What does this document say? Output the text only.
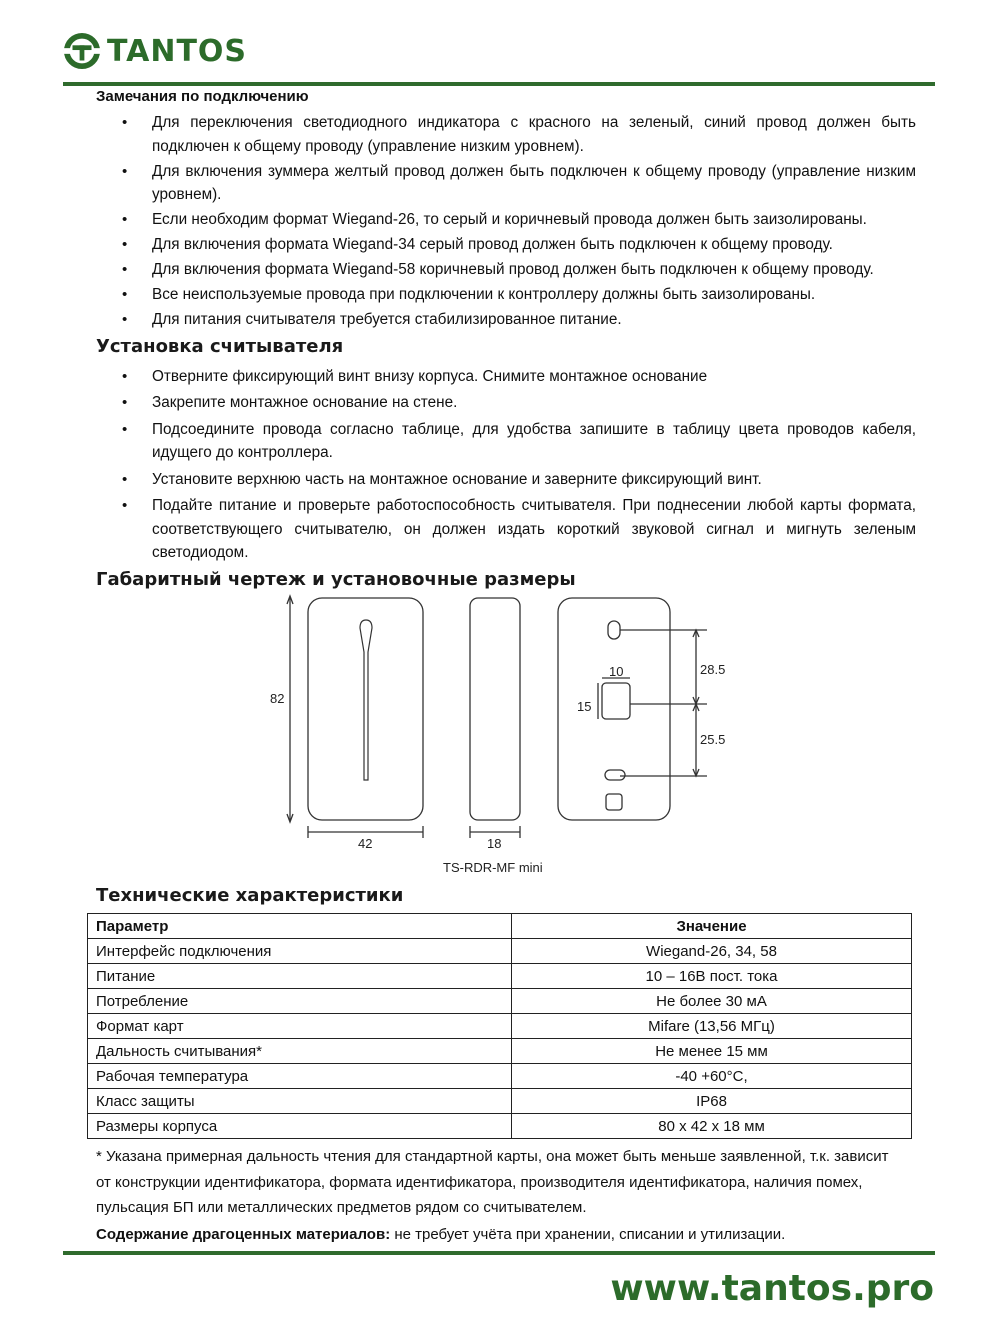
TANTOS
Замечания по подключению
• Для переключения светодиодного индикатора с красного на зеленый, синий провод должен быть подключен к общему проводу (управление низким уровнем).
• Для включения зуммера желтый провод должен быть подключен к общему проводу (управление низким уровнем).
• Если необходим формат Wiegand-26, то серый и коричневый провода должен быть заизолированы.
• Для включения формата Wiegand-34 серый провод должен быть подключен к общему проводу.
• Для включения формата Wiegand-58 коричневый провод должен быть подключен к общему проводу.
• Все неиспользуемые провода при подключении к контроллеру должны быть заизолированы.
• Для питания считывателя требуется стабилизированное питание.
Установка считывателя
• Отверните фиксирующий винт внизу корпуса. Снимите монтажное основание
• Закрепите монтажное основание на стене.
• Подсоедините провода согласно таблице, для удобства запишите в таблицу цвета проводов кабеля, идущего до контроллера.
• Установите верхнюю часть на монтажное основание и заверните фиксирующий винт.
• Подайте питание и проверьте работоспособность считывателя. При поднесении любой карты формата, соответствующего считывателю, он должен издать короткий звуковой сигнал и мигнуть зеленым светодиодом.
Габаритный чертеж и установочные размеры
82
42	18
28.5
25.5
10
15
TS-RDR-MF mini
Технические характеристики
Параметр	Значение
Интерфейс подключения	Wiegand-26, 34, 58
Питание	10 – 16В пост. тока
Потребление	Не более 30 мА
Формат карт	Mifare (13,56 МГц)
Дальность считывания*	Не менее 15 мм
Рабочая температура	-40 +60°С,
Класс защиты	IP68
Размеры корпуса	80 х 42 х 18 мм
* Указана примерная дальность чтения для стандартной карты, она может быть меньше заявленной, т.к. зависит от конструкции идентификатора, формата идентификатора, производителя идентификатора, наличия помех, пульсация БП или металлических предметов рядом со считывателем.
Содержание драгоценных материалов: не требует учёта при хранении, списании и утилизации.
www.tantos.pro
